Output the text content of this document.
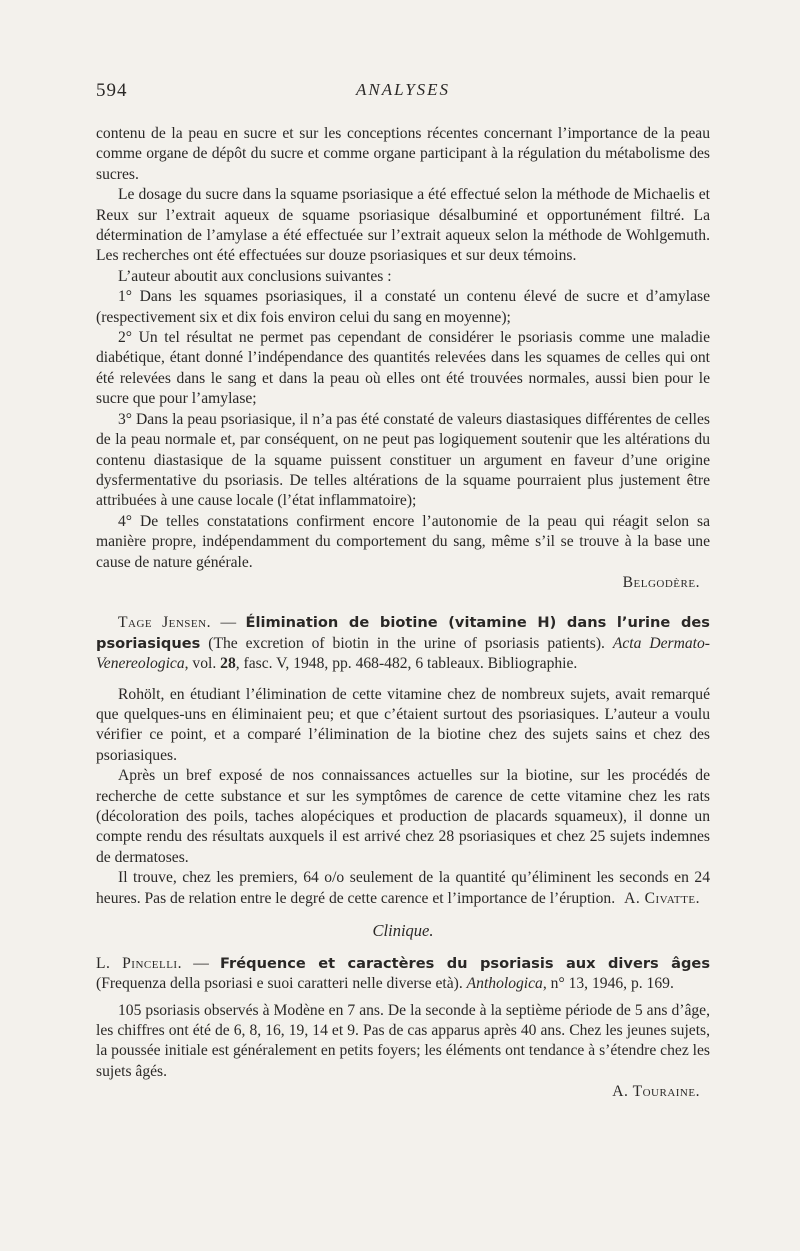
594	ANALYSES

contenu de la peau en sucre et sur les conceptions récentes concernant l’importance de la peau comme organe de dépôt du sucre et comme organe participant à la régulation du métabolisme des sucres.

Le dosage du sucre dans la squame psoriasique a été effectué selon la méthode de Michaelis et Reux sur l’extrait aqueux de squame psoriasique désalbuminé et opportunément filtré. La détermination de l’amylase a été effectuée sur l’extrait aqueux selon la méthode de Wohlgemuth. Les recherches ont été effectuées sur douze psoriasiques et sur deux témoins.

L’auteur aboutit aux conclusions suivantes :

1° Dans les squames psoriasiques, il a constaté un contenu élevé de sucre et d’amylase (respectivement six et dix fois environ celui du sang en moyenne);

2° Un tel résultat ne permet pas cependant de considérer le psoriasis comme une maladie diabétique, étant donné l’indépendance des quantités relevées dans les squames de celles qui ont été relevées dans le sang et dans la peau où elles ont été trouvées normales, aussi bien pour le sucre que pour l’amylase;

3° Dans la peau psoriasique, il n’a pas été constaté de valeurs diastasiques différentes de celles de la peau normale et, par conséquent, on ne peut pas logiquement soutenir que les altérations du contenu diastasique de la squame puissent constituer un argument en faveur d’une origine dysfermentative du psoriasis. De telles altérations de la squame pourraient plus justement être attribuées à une cause locale (l’état inflammatoire);

4° De telles constatations confirment encore l’autonomie de la peau qui réagit selon sa manière propre, indépendamment du comportement du sang, même s’il se trouve à la base une cause de nature générale.

Belgodère.

Tage Jensen. — Élimination de biotine (vitamine H) dans l’urine des psoriasiques (The excretion of biotin in the urine of psoriasis patients). Acta Dermato-Venereologica, vol. 28, fasc. V, 1948, pp. 468-482, 6 tableaux. Bibliographie.

Rohölt, en étudiant l’élimination de cette vitamine chez de nombreux sujets, avait remarqué que quelques-uns en éliminaient peu; et que c’étaient surtout des psoriasiques. L’auteur a voulu vérifier ce point, et a comparé l’élimination de la biotine chez des sujets sains et chez des psoriasiques.

Après un bref exposé de nos connaissances actuelles sur la biotine, sur les procédés de recherche de cette substance et sur les symptômes de carence de cette vitamine chez les rats (décoloration des poils, taches alopéciques et production de placards squameux), il donne un compte rendu des résultats auxquels il est arrivé chez 28 psoriasiques et chez 25 sujets indemnes de dermatoses.

Il trouve, chez les premiers, 64 o/o seulement de la quantité qu’éliminent les seconds en 24 heures. Pas de relation entre le degré de cette carence et l’importance de l’éruption. A. Civatte.
Clinique.

L. Pincelli. — Fréquence et caractères du psoriasis aux divers âges (Frequenza della psoriasi e suoi caratteri nelle diverse età). Anthologica, n° 13, 1946, p. 169.

105 psoriasis observés à Modène en 7 ans. De la seconde à la septième période de 5 ans d’âge, les chiffres ont été de 6, 8, 16, 19, 14 et 9. Pas de cas apparus après 40 ans. Chez les jeunes sujets, la poussée initiale est généralement en petits foyers; les éléments ont tendance à s’étendre chez les sujets âgés.

A. Touraine.
